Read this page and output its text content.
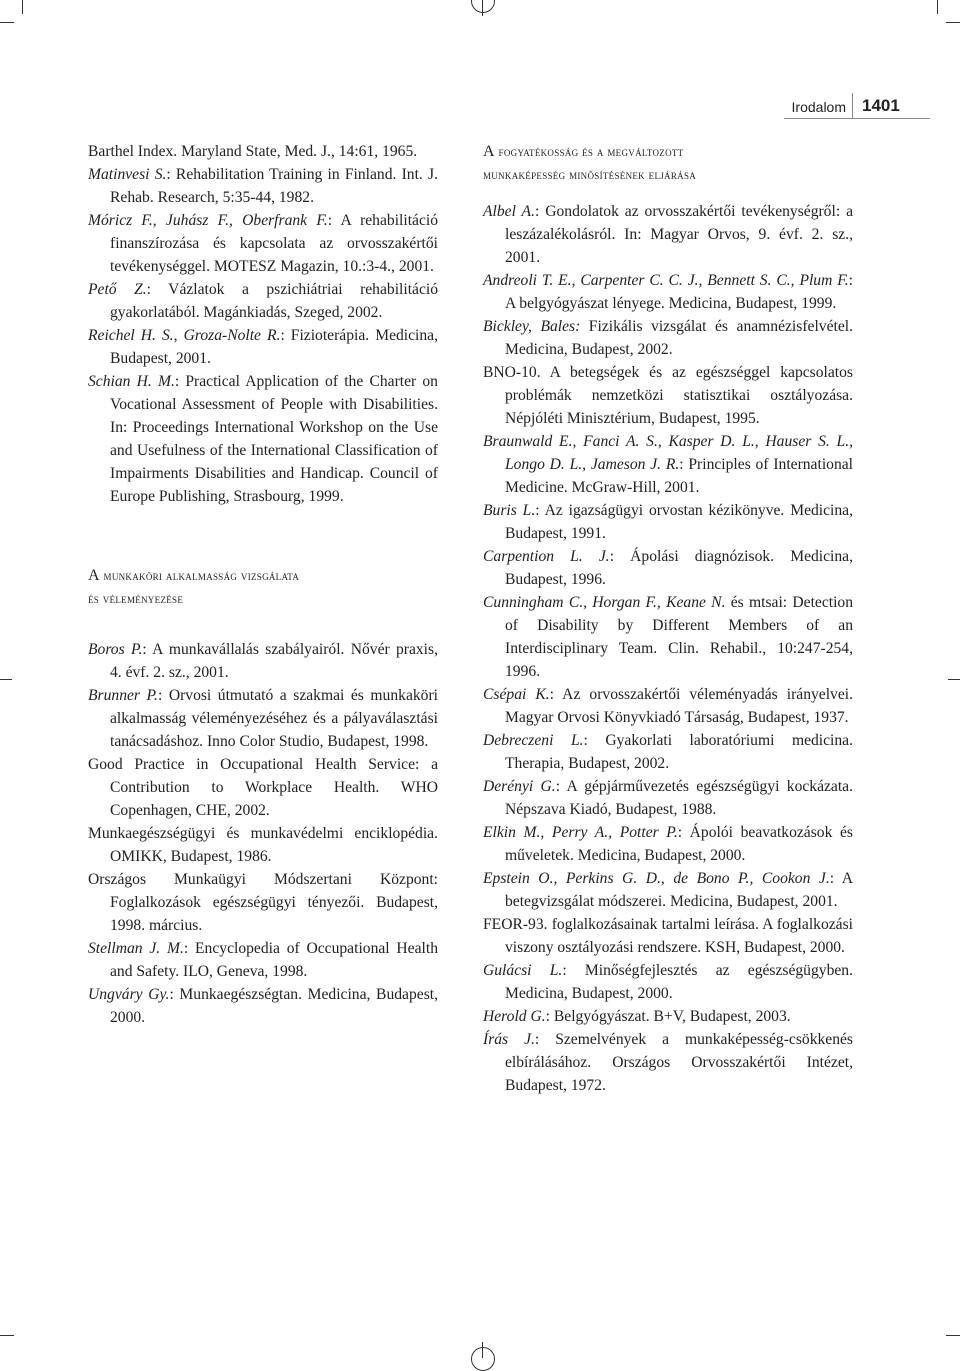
Irodalom 1401

Barthel Index. Maryland State, Med. J., 14:61, 1965.

Matinvesi S.: Rehabilitation Training in Finland. Int. J. Rehab. Research, 5:35-44, 1982.

Móricz F., Juhász F., Oberfrank F.: A rehabilitáció finanszírozása és kapcsolata az orvosszakértői tevékenységgel. MOTESZ Magazin, 10.:3-4., 2001.

Pető Z.: Vázlatok a pszichiátriai rehabilitáció gyakorlatából. Magánkiadás, Szeged, 2002.

Reichel H. S., Groza-Nolte R.: Fizioterápia. Medicina, Budapest, 2001.

Schian H. M.: Practical Application of the Charter on Vocational Assessment of People with Disabilities. In: Proceedings International Workshop on the Use and Usefulness of the International Classification of Impairments Disabilities and Handicap. Council of Europe Publishing, Strasbourg, 1999.

A munkaköri alkalmasság vizsgálata
és véleményezése

Boros P.: A munkavállalás szabályairól. Nővér praxis, 4. évf. 2. sz., 2001.

Brunner P.: Orvosi útmutató a szakmai és munkaköri alkalmasság véleményezéséhez és a pályaválasztási tanácsadáshoz. Inno Color Studio, Budapest, 1998.

Good Practice in Occupational Health Service: a Contribution to Workplace Health. WHO Copenhagen, CHE, 2002.

Munkaegészségügyi és munkavédelmi enciklopédia. OMIKK, Budapest, 1986.

Országos Munkaügyi Módszertani Központ: Foglalkozások egészségügyi tényezői. Budapest, 1998. március.

Stellman J. M.: Encyclopedia of Occupational Health and Safety. ILO, Geneva, 1998.

Ungváry Gy.: Munkaegészségtan. Medicina, Budapest, 2000.

A fogyatékosság és a megváltozott
munkaképesség minősítésének eljárása

Albel A.: Gondolatok az orvosszakértői tevékenységről: a leszázalékolásról. In: Magyar Orvos, 9. évf. 2. sz., 2001.

Andreoli T. E., Carpenter C. C. J., Bennett S. C., Plum F.: A belgyógyászat lényege. Medicina, Budapest, 1999.

Bickley, Bales: Fizikális vizsgálat és anamnézisfelvétel. Medicina, Budapest, 2002.

BNO-10. A betegségek és az egészséggel kapcsolatos problémák nemzetközi statisztikai osztályozása. Népjóléti Minisztérium, Budapest, 1995.

Braunwald E., Fanci A. S., Kasper D. L., Hauser S. L., Longo D. L., Jameson J. R.: Principles of International Medicine. McGraw-Hill, 2001.

Buris L.: Az igazságügyi orvostan kézikönyve. Medicina, Budapest, 1991.

Carpention L. J.: Ápolási diagnózisok. Medicina, Budapest, 1996.

Cunningham C., Horgan F., Keane N. és mtsai: Detection of Disability by Different Members of an Interdisciplinary Team. Clin. Rehabil., 10:247-254, 1996.

Csépai K.: Az orvosszakértői véleményadás irányelvei. Magyar Orvosi Könyvkiadó Társaság, Budapest, 1937.

Debreczeni L.: Gyakorlati laboratóriumi medicina. Therapia, Budapest, 2002.

Derényi G.: A gépjárművezetés egészségügyi kockázata. Népszava Kiadó, Budapest, 1988.

Elkin M., Perry A., Potter P.: Ápolói beavatkozások és műveletek. Medicina, Budapest, 2000.

Epstein O., Perkins G. D., de Bono P., Cookon J.: A betegvizsgálat módszerei. Medicina, Budapest, 2001.

FEOR-93. foglalkozásainak tartalmi leírása. A foglalkozási viszony osztályozási rendszere. KSH, Budapest, 2000.

Gulácsi L.: Minőségfejlesztés az egészségügyben. Medicina, Budapest, 2000.

Herold G.: Belgyógyászat. B+V, Budapest, 2003.

Írás J.: Szemelvények a munkaképesség-csökkenés elbírálásához. Országos Orvosszakértői Intézet, Budapest, 1972.
